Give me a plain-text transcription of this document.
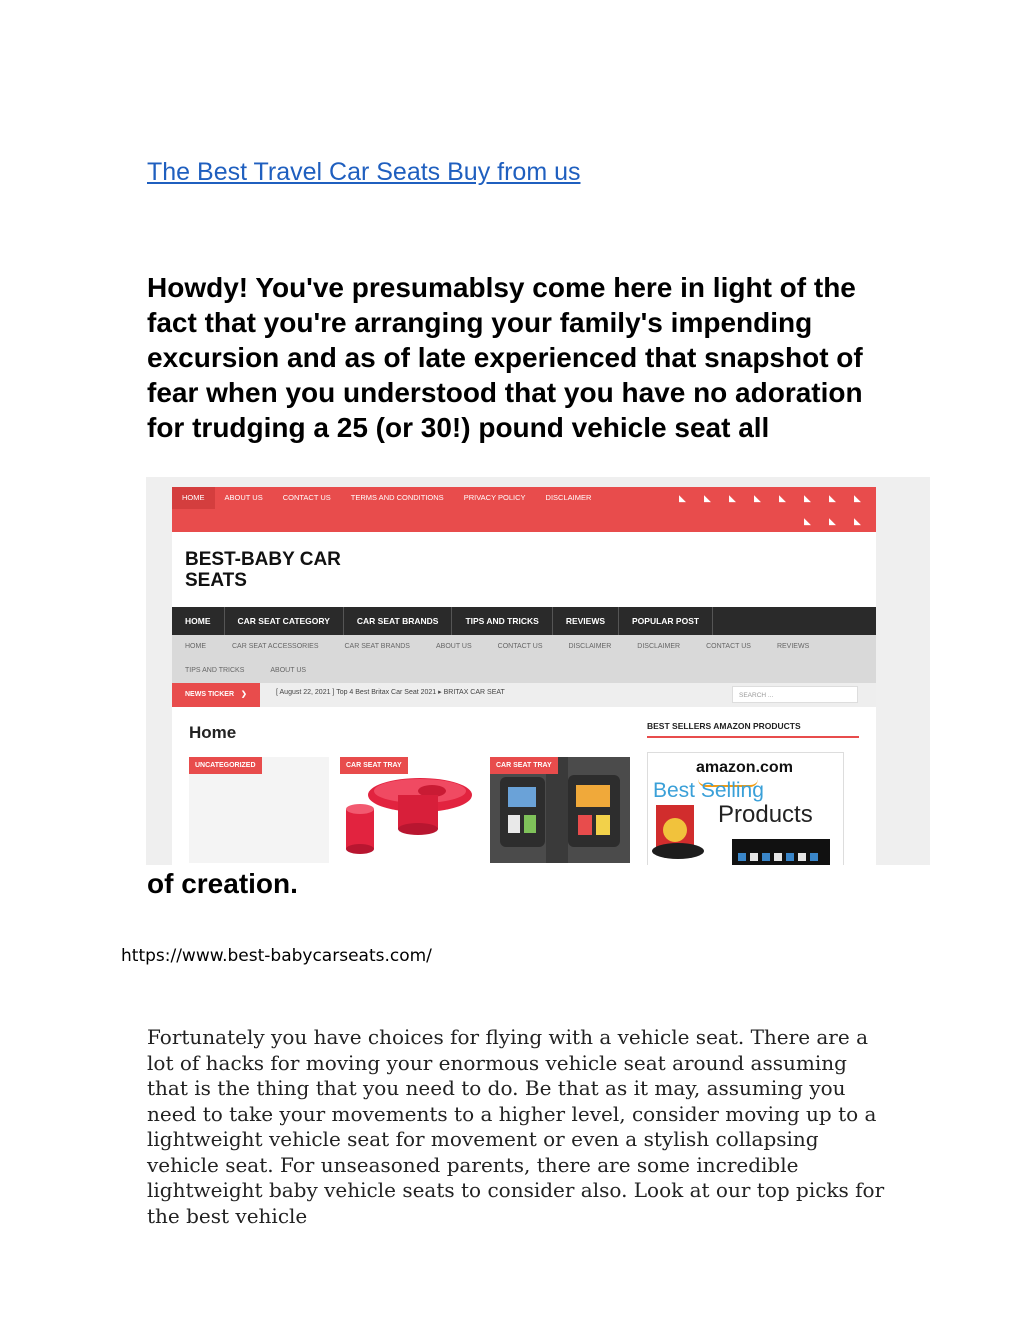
The Best Travel Car Seats Buy from us
Howdy! You've presumablsy come here in light of the fact that you're arranging your family's impending excursion and as of late experienced that snapshot of fear when you understood that you have no adoration for trudging a 25 (or 30!) pound vehicle seat all
HOME	ABOUT US	CONTACT US	TERMS AND CONDITIONS	PRIVACY POLICY	DISCLAIMER	◣	◣	◣	◣	◣	◣	◣	◣
◣	◣	◣
BEST-BABY CAR
SEATS
HOME	CAR SEAT CATEGORY	CAR SEAT BRANDS	TIPS AND TRICKS	REVIEWS	POPULAR POST
HOME	CAR SEAT ACCESSORIES	CAR SEAT BRANDS	ABOUT US	CONTACT US	DISCLAIMER	DISCLAIMER	CONTACT US	REVIEWS
TIPS AND TRICKS	ABOUT US
NEWS TICKER ❯	[ August 22, 2021 ] Top 4 Best Britax Car Seat 2021 ▸ BRITAX CAR SEAT	SEARCH ...
Home
UNCATEGORIZED	CAR SEAT TRAY	CAR SEAT TRAY
BEST SELLERS AMAZON PRODUCTS
amazon.com
Best Selling
Products
of creation.
https://www.best-babycarseats.com/

Fortunately you have choices for flying with a vehicle seat. There are a lot of hacks for moving your enormous vehicle seat around assuming that is the thing that you need to do. Be that as it may, assuming you need to take your movements to a higher level, consider moving up to a lightweight vehicle seat for movement or even a stylish collapsing vehicle seat. For unseasoned parents, there are some incredible lightweight baby vehicle seats to consider also. Look at our top picks for the best vehicle
